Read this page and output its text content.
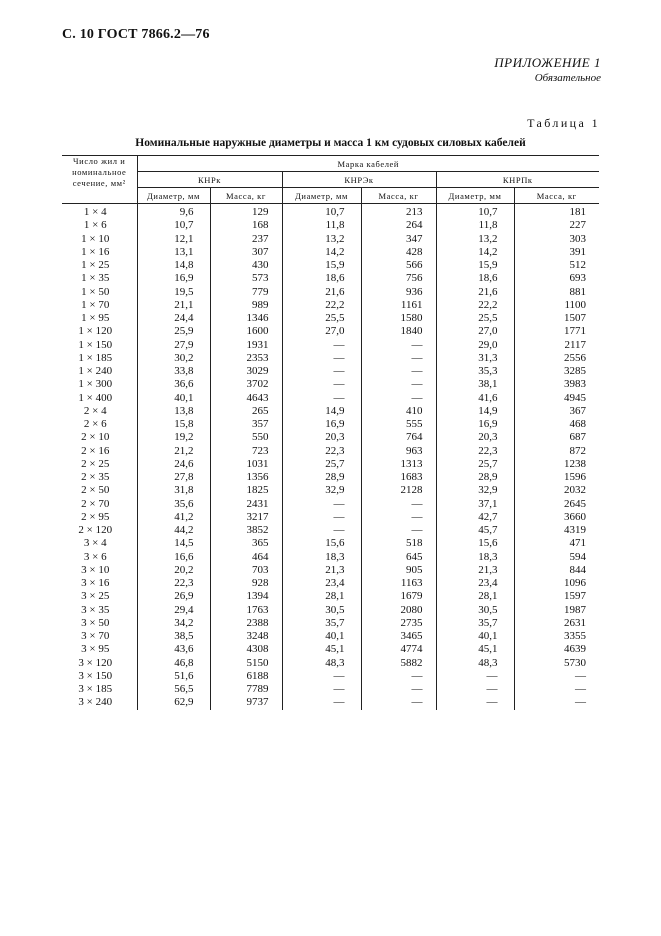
С. 10 ГОСТ 7866.2—76
ПРИЛОЖЕНИЕ 1
Обязательное
Таблица 1
Номинальные наружные диаметры и масса 1 км судовых силовых кабелей
Число жил и
номинальное
сечение, мм²	Марка кабелей					
	КНРк		КНРЭк		КНРПк	
	Диаметр, мм	Масса, кг	Диаметр, мм	Масса, кг	Диаметр, мм	Масса, кг
1 × 4	9,6	129	10,7	213	10,7	181
1 × 6	10,7	168	11,8	264	11,8	227
1 × 10	12,1	237	13,2	347	13,2	303
1 × 16	13,1	307	14,2	428	14,2	391
1 × 25	14,8	430	15,9	566	15,9	512
1 × 35	16,9	573	18,6	756	18,6	693
1 × 50	19,5	779	21,6	936	21,6	881
1 × 70	21,1	989	22,2	1161	22,2	1100
1 × 95	24,4	1346	25,5	1580	25,5	1507
1 × 120	25,9	1600	27,0	1840	27,0	1771
1 × 150	27,9	1931	—	—	29,0	2117
1 × 185	30,2	2353	—	—	31,3	2556
1 × 240	33,8	3029	—	—	35,3	3285
1 × 300	36,6	3702	—	—	38,1	3983
1 × 400	40,1	4643	—	—	41,6	4945
2 × 4	13,8	265	14,9	410	14,9	367
2 × 6	15,8	357	16,9	555	16,9	468
2 × 10	19,2	550	20,3	764	20,3	687
2 × 16	21,2	723	22,3	963	22,3	872
2 × 25	24,6	1031	25,7	1313	25,7	1238
2 × 35	27,8	1356	28,9	1683	28,9	1596
2 × 50	31,8	1825	32,9	2128	32,9	2032
2 × 70	35,6	2431	—	—	37,1	2645
2 × 95	41,2	3217	—	—	42,7	3660
2 × 120	44,2	3852	—	—	45,7	4319
3 × 4	14,5	365	15,6	518	15,6	471
3 × 6	16,6	464	18,3	645	18,3	594
3 × 10	20,2	703	21,3	905	21,3	844
3 × 16	22,3	928	23,4	1163	23,4	1096
3 × 25	26,9	1394	28,1	1679	28,1	1597
3 × 35	29,4	1763	30,5	2080	30,5	1987
3 × 50	34,2	2388	35,7	2735	35,7	2631
3 × 70	38,5	3248	40,1	3465	40,1	3355
3 × 95	43,6	4308	45,1	4774	45,1	4639
3 × 120	46,8	5150	48,3	5882	48,3	5730
3 × 150	51,6	6188	—	—	—	—
3 × 185	56,5	7789	—	—	—	—
3 × 240	62,9	9737	—	—	—	—
